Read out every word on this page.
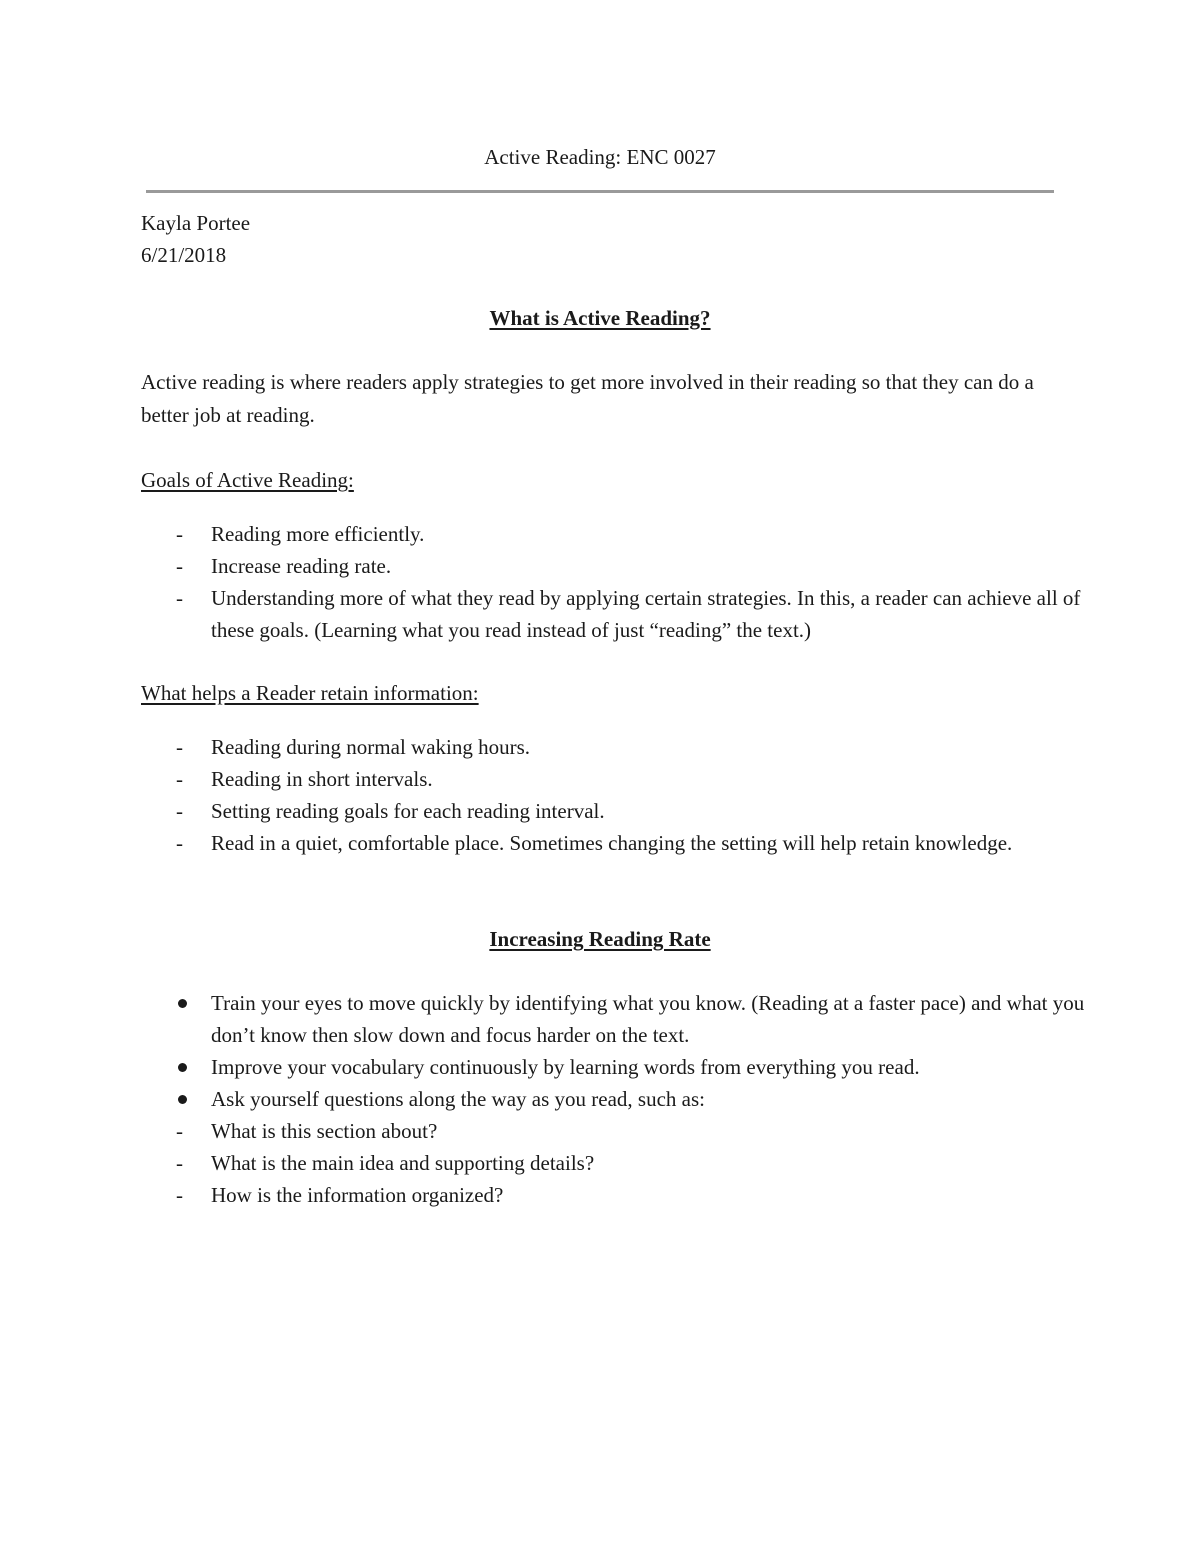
Active Reading: ENC 0027
Kayla Portee
6/21/2018
What is Active Reading?
Active reading is where readers apply strategies to get more involved in their reading so that they can do a better job at reading.
Goals of Active Reading:
-	Reading more efficiently.
-	Increase reading rate.
-	Understanding more of what they read by applying certain strategies. In this, a reader can achieve all of these goals. (Learning what you read instead of just “reading” the text.)
What helps a Reader retain information:
-	Reading during normal waking hours.
-	Reading in short intervals.
-	Setting reading goals for each reading interval.
-	Read in a quiet, comfortable place. Sometimes changing the setting will help retain knowledge.
Increasing Reading Rate
Train your eyes to move quickly by identifying what you know. (Reading at a faster pace) and what you don’t know then slow down and focus harder on the text.
Improve your vocabulary continuously by learning words from everything you read.
Ask yourself questions along the way as you read, such as:
-	What is this section about?
-	What is the main idea and supporting details?
-	How is the information organized?
